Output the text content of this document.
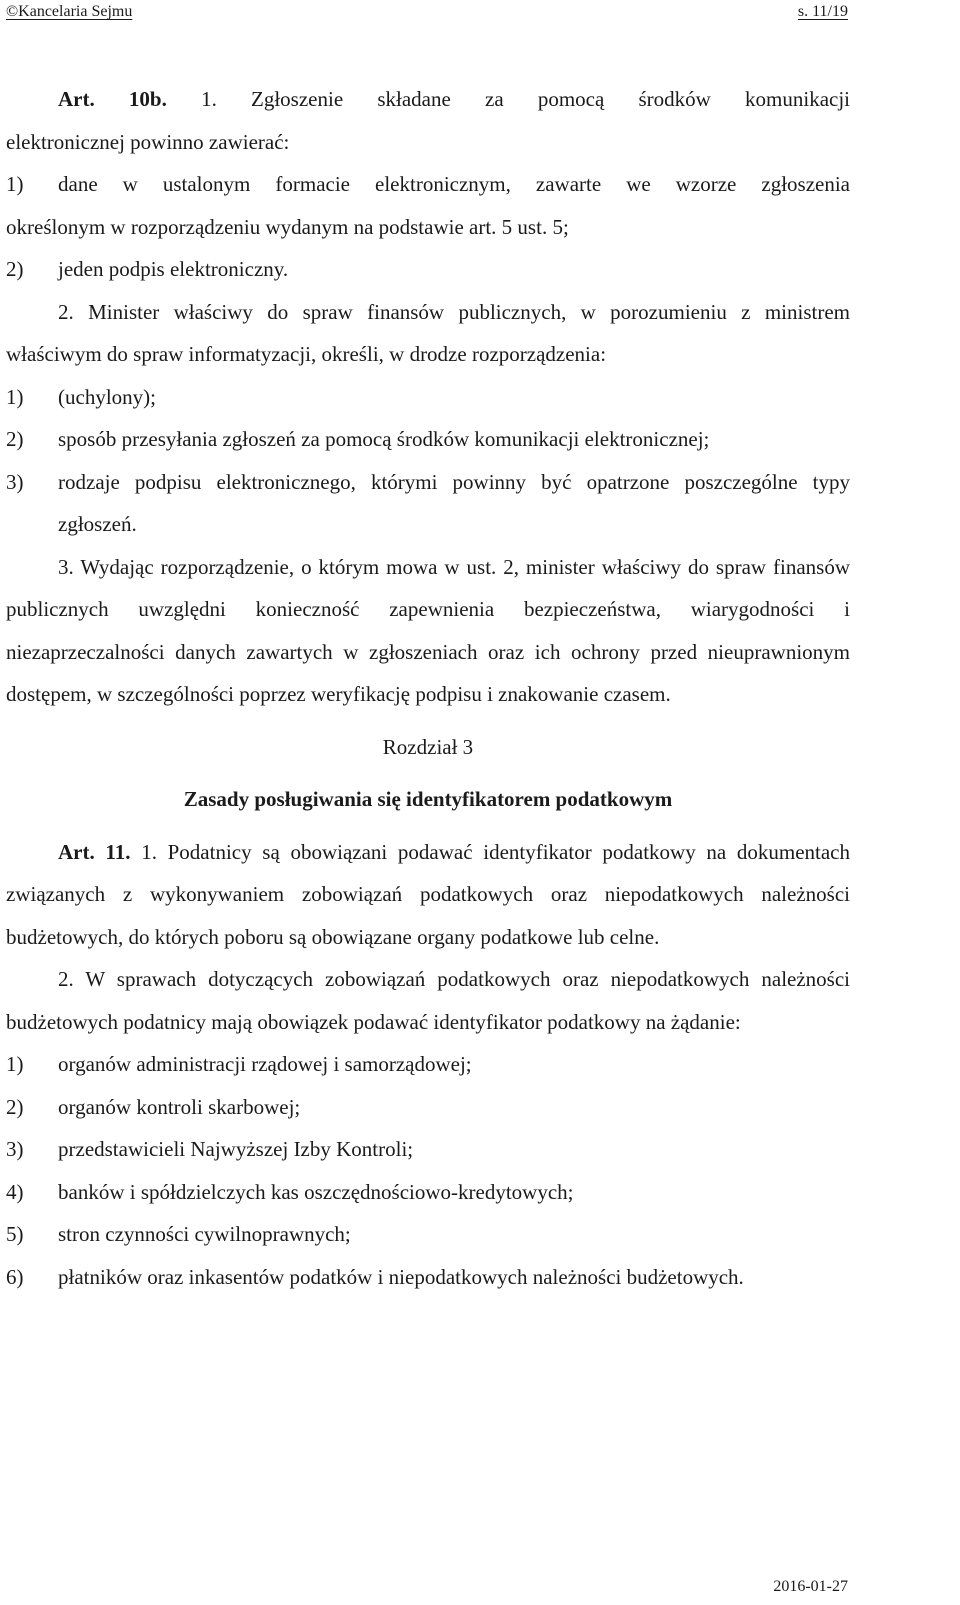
©Kancelaria Sejmu	s. 11/19

Art. 10b. 1. Zgłoszenie składane za pomocą środków komunikacji

elektronicznej powinno zawierać:

1)	dane w ustalonym formacie elektronicznym, zawarte we wzorze zgłoszenia

określonym w rozporządzeniu wydanym na podstawie art. 5 ust. 5;

2)	jeden podpis elektroniczny.

2. Minister właściwy do spraw finansów publicznych, w porozumieniu z ministrem właściwym do spraw informatyzacji, określi, w drodze rozporządzenia:

1)	(uchylony);
2)	sposób przesyłania zgłoszeń za pomocą środków komunikacji elektronicznej;
3)	rodzaje podpisu elektronicznego, którymi powinny być opatrzone poszczególne typy zgłoszeń.

3. Wydając rozporządzenie, o którym mowa w ust. 2, minister właściwy do spraw finansów publicznych uwzględni konieczność zapewnienia bezpieczeństwa, wiarygodności i niezaprzeczalności danych zawartych w zgłoszeniach oraz ich ochrony przed nieuprawnionym dostępem, w szczególności poprzez weryfikację podpisu i znakowanie czasem.

Rozdział 3

Zasady posługiwania się identyfikatorem podatkowym

Art. 11. 1. Podatnicy są obowiązani podawać identyfikator podatkowy na dokumentach związanych z wykonywaniem zobowiązań podatkowych oraz niepodatkowych należności budżetowych, do których poboru są obowiązane organy podatkowe lub celne.

2. W sprawach dotyczących zobowiązań podatkowych oraz niepodatkowych należności budżetowych podatnicy mają obowiązek podawać identyfikator podatkowy na żądanie:

1)	organów administracji rządowej i samorządowej;
2)	organów kontroli skarbowej;
3)	przedstawicieli Najwyższej Izby Kontroli;
4)	banków i spółdzielczych kas oszczędnościowo-kredytowych;
5)	stron czynności cywilnoprawnych;
6)	płatników oraz inkasentów podatków i niepodatkowych należności budżetowych.
2016-01-27
